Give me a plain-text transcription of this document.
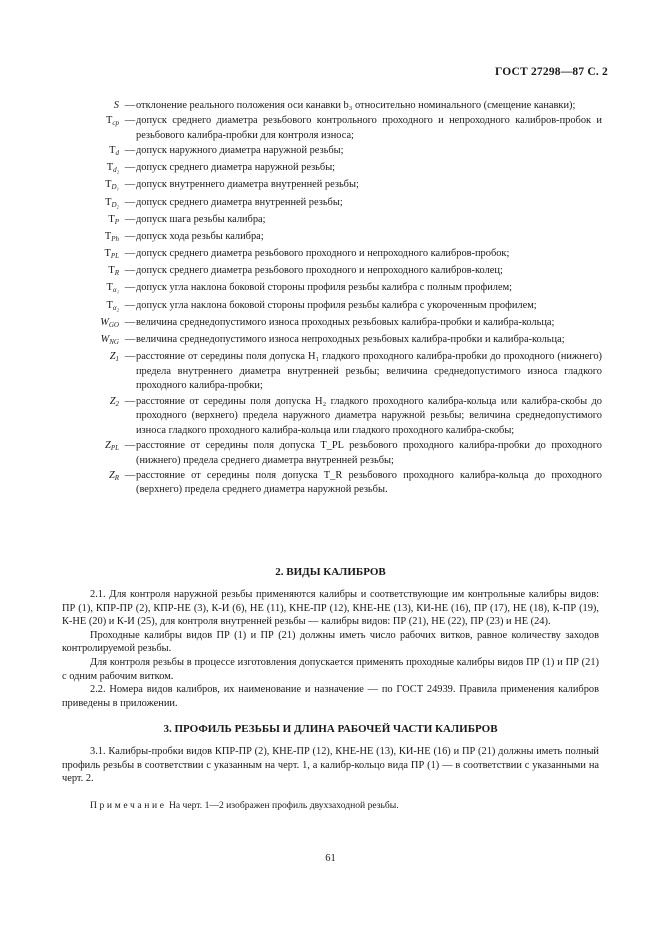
ГОСТ 27298—87 С. 2
S — отклонение реального положения оси канавки b₃ относительно номинального (смещение канавки);
$T_{ср}$ — допуск среднего диаметра резьбового контрольного проходного и непроходного калибров-пробок и резьбового калибра-пробки для контроля износа;
$T_d$ — допуск наружного диаметра наружной резьбы;
$T_{d_2}$ — допуск среднего диаметра наружной резьбы;
$T_{D_1}$ — допуск внутреннего диаметра внутренней резьбы;
$T_{D_2}$ — допуск среднего диаметра внутренней резьбы;
$T_P$ — допуск шага резьбы калибра;
$T_{Ph}$ — допуск хода резьбы калибра;
$T_{PL}$ — допуск среднего диаметра резьбового проходного и непроходного калибров-пробок;
$T_R$ — допуск среднего диаметра резьбового проходного и непроходного калибров-колец;
$T_{\alpha_1}$ — допуск угла наклона боковой стороны профиля резьбы калибра с полным профилем;
$T_{\alpha_2}$ — допуск угла наклона боковой стороны профиля резьбы калибра с укороченным профилем;
$W_{GO}$ — величина среднедопустимого износа проходных резьбовых калибра-пробки и калибра-кольца;
$W_{NG}$ — величина среднедопустимого износа непроходных резьбовых калибра-пробки и калибра-кольца;
$Z_1$ — расстояние от середины поля допуска H₁ гладкого проходного калибра-пробки до проходного (нижнего) предела внутреннего диаметра внутренней резьбы; величина среднедопустимого износа гладкого проходного калибра-пробки;
$Z_2$ — расстояние от середины поля допуска H₂ гладкого проходного калибра-кольца или калибра-скобы до проходного (верхнего) предела наружного диаметра наружной резьбы; величина среднедопустимого износа гладкого проходного калибра-кольца или гладкого проходного калибра-скобы;
$Z_{PL}$ — расстояние от середины поля допуска T_PL резьбового проходного калибра-пробки до проходного (нижнего) предела среднего диаметра внутренней резьбы;
$Z_R$ — расстояние от середины поля допуска T_R резьбового проходного калибра-кольца до проходного (верхнего) предела среднего диаметра наружной резьбы.
2. ВИДЫ КАЛИБРОВ

2.1. Для контроля наружной резьбы применяются калибры и соответствующие им контрольные калибры видов: ПР (1), КПР-ПР (2), КПР-НЕ (3), К-И (6), НЕ (11), КНЕ-ПР (12), КНЕ-НЕ (13), КИ-НЕ (16), ПР (17), НЕ (18), К-ПР (19), К-НЕ (20) и К-И (25), для контроля внутренней резьбы — калибры видов: ПР (21), НЕ (22), ПР (23) и НЕ (24).

Проходные калибры видов ПР (1) и ПР (21) должны иметь число рабочих витков, равное количеству заходов контролируемой резьбы.

Для контроля резьбы в процессе изготовления допускается применять проходные калибры видов ПР (1) и ПР (21) с одним рабочим витком.

2.2. Номера видов калибров, их наименование и назначение — по ГОСТ 24939. Правила применения калибров приведены в приложении.

3. ПРОФИЛЬ РЕЗЬБЫ И ДЛИНА РАБОЧЕЙ ЧАСТИ КАЛИБРОВ

3.1. Калибры-пробки видов КПР-ПР (2), КНЕ-ПР (12), КНЕ-НЕ (13), КИ-НЕ (16) и ПР (21) должны иметь полный профиль резьбы в соответствии с указанным на черт. 1, а калибр-кольцо вида ПР (1) — в соответствии с указанными на черт. 2.

Примечание На черт. 1—2 изображен профиль двухзаходной резьбы.
61
